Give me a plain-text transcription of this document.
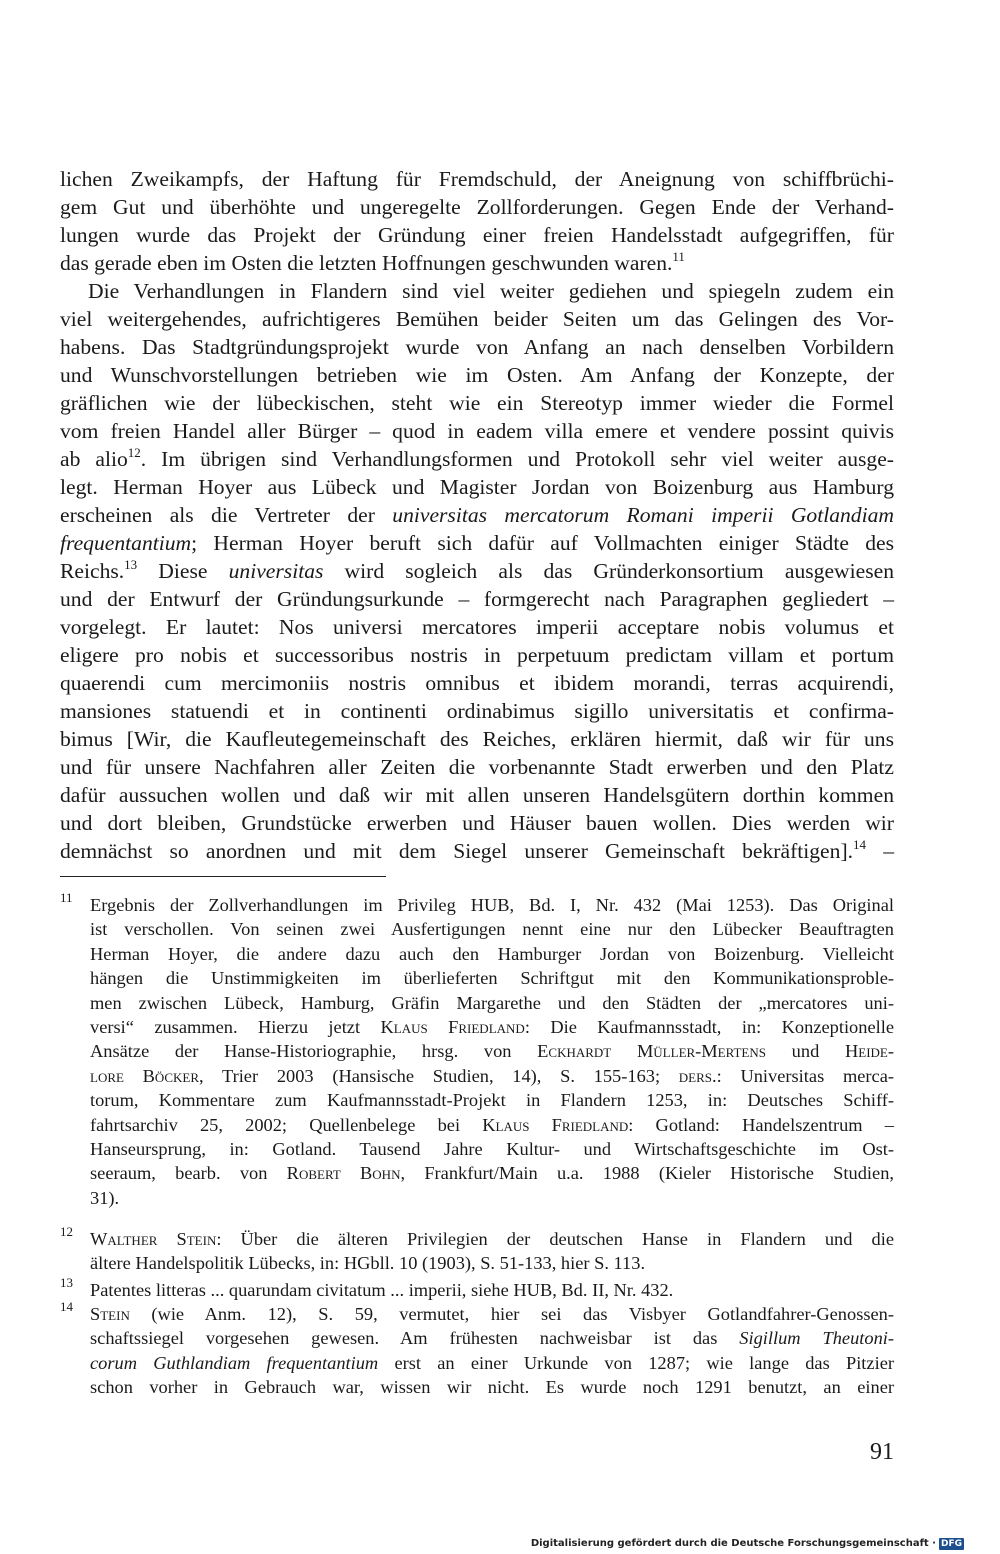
lichen Zweikampfs, der Haftung für Fremdschuld, der Aneignung von schiffbrüchi-
gem Gut und überhöhte und ungeregelte Zollforderungen. Gegen Ende der Verhand-
lungen wurde das Projekt der Gründung einer freien Handelsstadt aufgegriffen, für
das gerade eben im Osten die letzten Hoffnungen geschwunden waren.$^{11}$
Die Verhandlungen in Flandern sind viel weiter gediehen und spiegeln zudem ein
viel weitergehendes, aufrichtigeres Bemühen beider Seiten um das Gelingen des Vor-
habens. Das Stadtgründungsprojekt wurde von Anfang an nach denselben Vorbildern
und Wunschvorstellungen betrieben wie im Osten. Am Anfang der Konzepte, der
gräflichen wie der lübeckischen, steht wie ein Stereotyp immer wieder die Formel
vom freien Handel aller Bürger – quod in eadem villa emere et vendere possint quivis
ab alio$^{12}$. Im übrigen sind Verhandlungsformen und Protokoll sehr viel weiter ausge-
legt. Herman Hoyer aus Lübeck und Magister Jordan von Boizenburg aus Hamburg
erscheinen als die Vertreter der universitas mercatorum Romani imperii Gotlandiam
frequentantium; Herman Hoyer beruft sich dafür auf Vollmachten einiger Städte des
Reichs.$^{13}$ Diese universitas wird sogleich als das Gründerkonsortium ausgewiesen
und der Entwurf der Gründungsurkunde – formgerecht nach Paragraphen gegliedert –
vorgelegt. Er lautet: Nos universi mercatores imperii acceptare nobis volumus et
eligere pro nobis et successoribus nostris in perpetuum predictam villam et portum
quaerendi cum mercimoniis nostris omnibus et ibidem morandi, terras acquirendi,
mansiones statuendi et in continenti ordinabimus sigillo universitatis et confirma-
bimus [Wir, die Kaufleutegemeinschaft des Reiches, erklären hiermit, daß wir für uns
und für unsere Nachfahren aller Zeiten die vorbenannte Stadt erwerben und den Platz
dafür aussuchen wollen und daß wir mit allen unseren Handelsgütern dorthin kommen
und dort bleiben, Grundstücke erwerben und Häuser bauen wollen. Dies werden wir
demnächst so anordnen und mit dem Siegel unserer Gemeinschaft bekräftigen].$^{14}$ –
11 Ergebnis der Zollverhandlungen im Privileg HUB, Bd. I, Nr. 432 (Mai 1253). Das Original
ist verschollen. Von seinen zwei Ausfertigungen nennt eine nur den Lübecker Beauftragten
Herman Hoyer, die andere dazu auch den Hamburger Jordan von Boizenburg. Vielleicht
hängen die Unstimmigkeiten im überlieferten Schriftgut mit den Kommunikationsproble-
men zwischen Lübeck, Hamburg, Gräfin Margarethe und den Städten der „mercatores uni-
versi“ zusammen. Hierzu jetzt Klaus Friedland: Die Kaufmannsstadt, in: Konzeptionelle
Ansätze der Hanse-Historiographie, hrsg. von Eckhardt Müller-Mertens und Heide-
lore Böcker, Trier 2003 (Hansische Studien, 14), S. 155-163; ders.: Universitas merca-
torum, Kommentare zum Kaufmannsstadt-Projekt in Flandern 1253, in: Deutsches Schiff-
fahrtsarchiv 25, 2002; Quellenbelege bei Klaus Friedland: Gotland: Handelszentrum –
Hanseursprung, in: Gotland. Tausend Jahre Kultur- und Wirtschaftsgeschichte im Ost-
seeraum, bearb. von Robert Bohn, Frankfurt/Main u.a. 1988 (Kieler Historische Studien,
31).
12 Walther Stein: Über die älteren Privilegien der deutschen Hanse in Flandern und die
ältere Handelspolitik Lübecks, in: HGbll. 10 (1903), S. 51-133, hier S. 113.
13 Patentes litteras ... quarundam civitatum ... imperii, siehe HUB, Bd. II, Nr. 432.
14 Stein (wie Anm. 12), S. 59, vermutet, hier sei das Visbyer Gotlandfahrer-Genossen-
schaftssiegel vorgesehen gewesen. Am frühesten nachweisbar ist das Sigillum Theutoni-
corum Guthlandiam frequentantium erst an einer Urkunde von 1287; wie lange das Pitzier
schon vorher in Gebrauch war, wissen wir nicht. Es wurde noch 1291 benutzt, an einer
91
Digitalisierung gefördert durch die Deutsche Forschungsgemeinschaft · DFG
